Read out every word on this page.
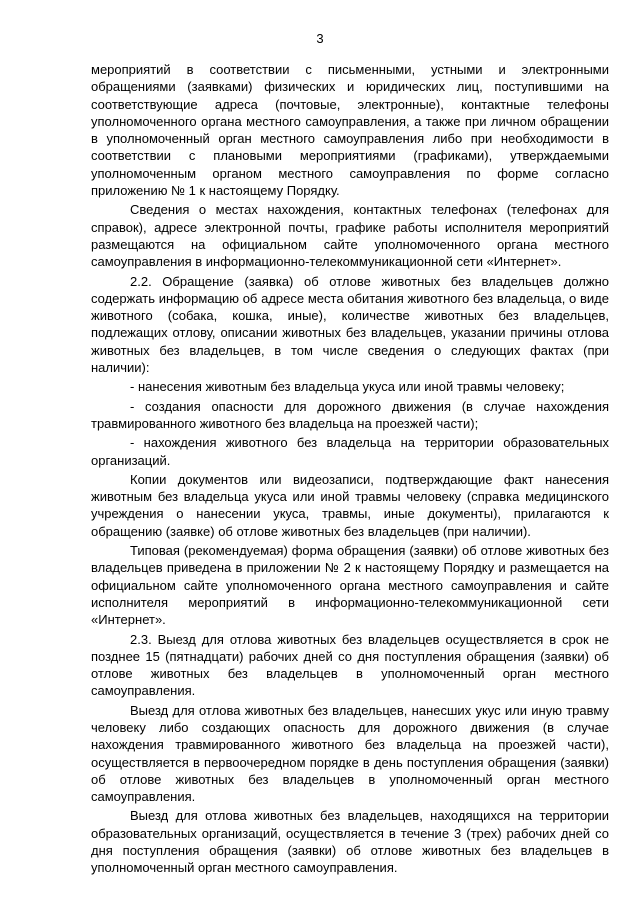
3

мероприятий в соответствии с письменными, устными и электронными обращениями (заявками) физических и юридических лиц, поступившими на соответствующие адреса (почтовые, электронные), контактные телефоны уполномоченного органа местного самоуправления, а также при личном обращении в уполномоченный орган местного самоуправления либо при необходимости в соответствии с плановыми мероприятиями (графиками), утверждаемыми уполномоченным органом местного самоуправления по форме согласно приложению № 1 к настоящему Порядку.

Сведения о местах нахождения, контактных телефонах (телефонах для справок), адресе электронной почты, графике работы исполнителя мероприятий размещаются на официальном сайте уполномоченного органа местного самоуправления в информационно-телекоммуникационной сети «Интернет».

2.2. Обращение (заявка) об отлове животных без владельцев должно содержать информацию об адресе места обитания животного без владельца, о виде животного (собака, кошка, иные), количестве животных без владельцев, подлежащих отлову, описании животных без владельцев, указании причины отлова животных без владельцев, в том числе сведения о следующих фактах (при наличии):

- нанесения животным без владельца укуса или иной травмы человеку;

- создания опасности для дорожного движения (в случае нахождения травмированного животного без владельца на проезжей части);

- нахождения животного без владельца на территории образовательных организаций.

Копии документов или видеозаписи, подтверждающие факт нанесения животным без владельца укуса или иной травмы человеку (справка медицинского учреждения о нанесении укуса, травмы, иные документы), прилагаются к обращению (заявке) об отлове животных без владельцев (при наличии).

Типовая (рекомендуемая) форма обращения (заявки) об отлове животных без владельцев приведена в приложении № 2 к настоящему Порядку и размещается на официальном сайте уполномоченного органа местного самоуправления и сайте исполнителя мероприятий в информационно-телекоммуникационной сети «Интернет».

2.3. Выезд для отлова животных без владельцев осуществляется в срок не позднее 15 (пятнадцати) рабочих дней со дня поступления обращения (заявки) об отлове животных без владельцев в уполномоченный орган местного самоуправления.

Выезд для отлова животных без владельцев, нанесших укус или иную травму человеку либо создающих опасность для дорожного движения (в случае нахождения травмированного животного без владельца на проезжей части), осуществляется в первоочередном порядке в день поступления обращения (заявки) об отлове животных без владельцев в уполномоченный орган местного самоуправления.

Выезд для отлова животных без владельцев, находящихся на территории образовательных организаций, осуществляется в течение 3 (трех) рабочих дней со дня поступления обращения (заявки) об отлове животных без владельцев в уполномоченный орган местного самоуправления.
